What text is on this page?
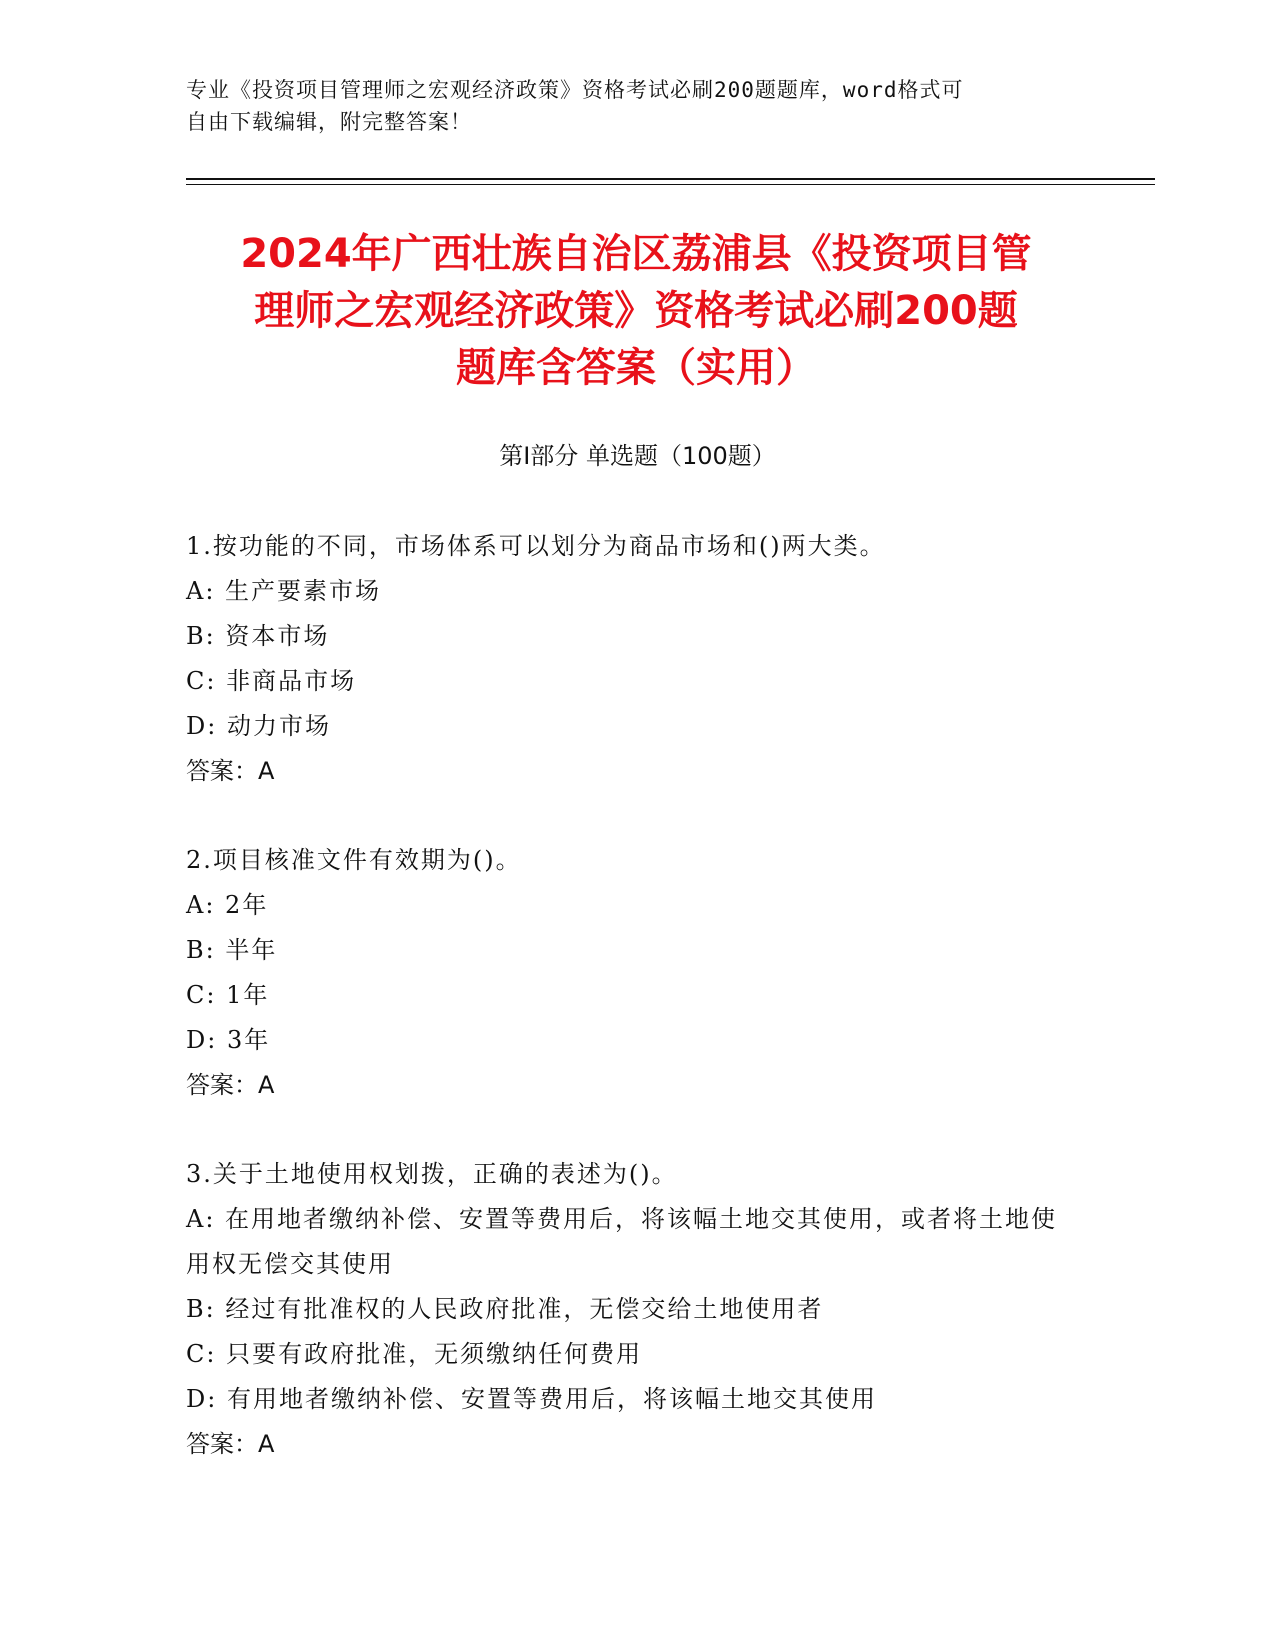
专业《投资项目管理师之宏观经济政策》资格考试必刷200题题库，word格式可
自由下载编辑，附完整答案！
2024年广西壮族自治区荔浦县《投资项目管
理师之宏观经济政策》资格考试必刷200题
题库含答案（实用）
第Ⅰ部分 单选题（100题）
1.按功能的不同，市场体系可以划分为商品市场和()两大类。
A: 生产要素市场
B: 资本市场
C: 非商品市场
D: 动力市场
答案：A
2.项目核准文件有效期为()。
A: 2年
B: 半年
C: 1年
D: 3年
答案：A
3.关于土地使用权划拨，正确的表述为()。
A: 在用地者缴纳补偿、安置等费用后，将该幅土地交其使用，或者将土地使用权无偿交其使用
B: 经过有批准权的人民政府批准，无偿交给土地使用者
C: 只要有政府批准，无须缴纳任何费用
D: 有用地者缴纳补偿、安置等费用后，将该幅土地交其使用
答案：A
